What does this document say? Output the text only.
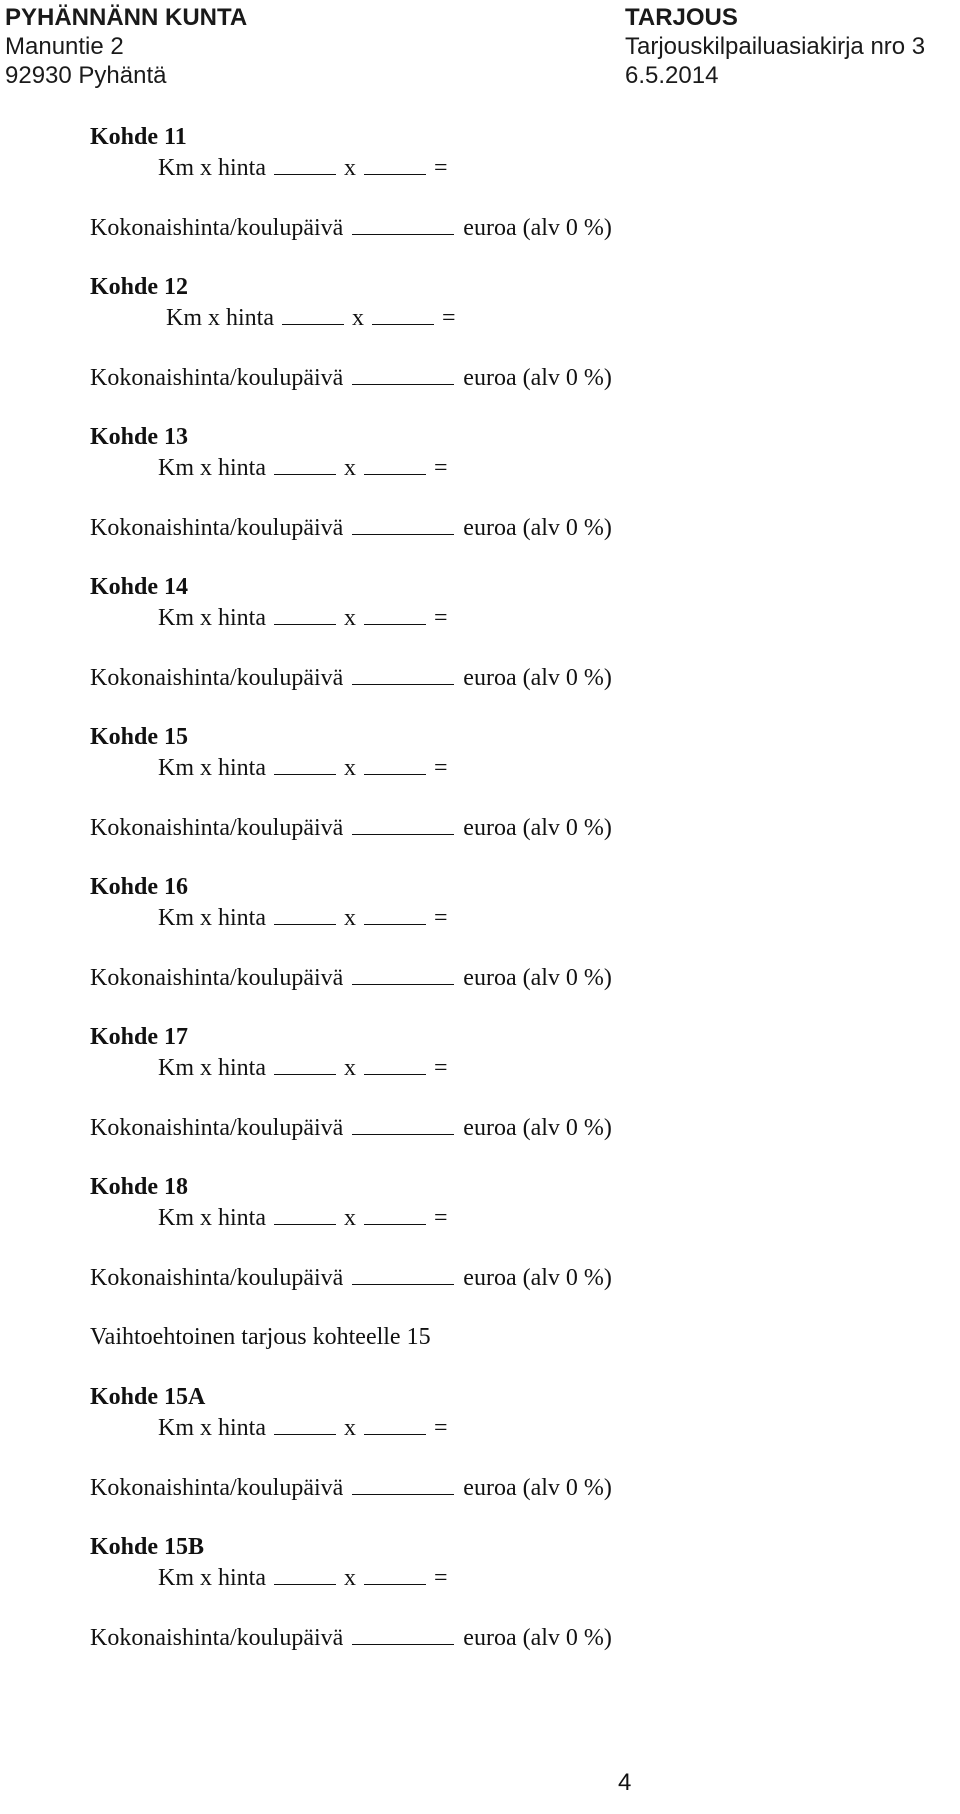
PYHÄNNÄNN KUNTA
Manuntie 2
92930 Pyhäntä
TARJOUS
Tarjouskilpailuasiakirja nro 3
6.5.2014
Kohde 11
Km x hinta	x	=
Kokonaishinta/koulupäivä	euroa (alv 0 %)
Kohde 12
Km x hinta	x	=
Kokonaishinta/koulupäivä	euroa (alv 0 %)
Kohde 13
Km x hinta	x	=
Kokonaishinta/koulupäivä	euroa (alv 0 %)
Kohde 14
Km x hinta	x	=
Kokonaishinta/koulupäivä	euroa (alv 0 %)
Kohde 15
Km x hinta	x	=
Kokonaishinta/koulupäivä	euroa (alv 0 %)
Kohde 16
Km x hinta	x	=
Kokonaishinta/koulupäivä	euroa (alv 0 %)
Kohde 17
Km x hinta	x	=
Kokonaishinta/koulupäivä	euroa (alv 0 %)
Kohde 18
Km x hinta	x	=
Kokonaishinta/koulupäivä	euroa (alv 0 %)
Vaihtoehtoinen tarjous kohteelle 15
Kohde 15A
Km x hinta	x	=
Kokonaishinta/koulupäivä	euroa (alv 0 %)
Kohde 15B
Km x hinta	x	=
Kokonaishinta/koulupäivä	euroa (alv 0 %)
4
